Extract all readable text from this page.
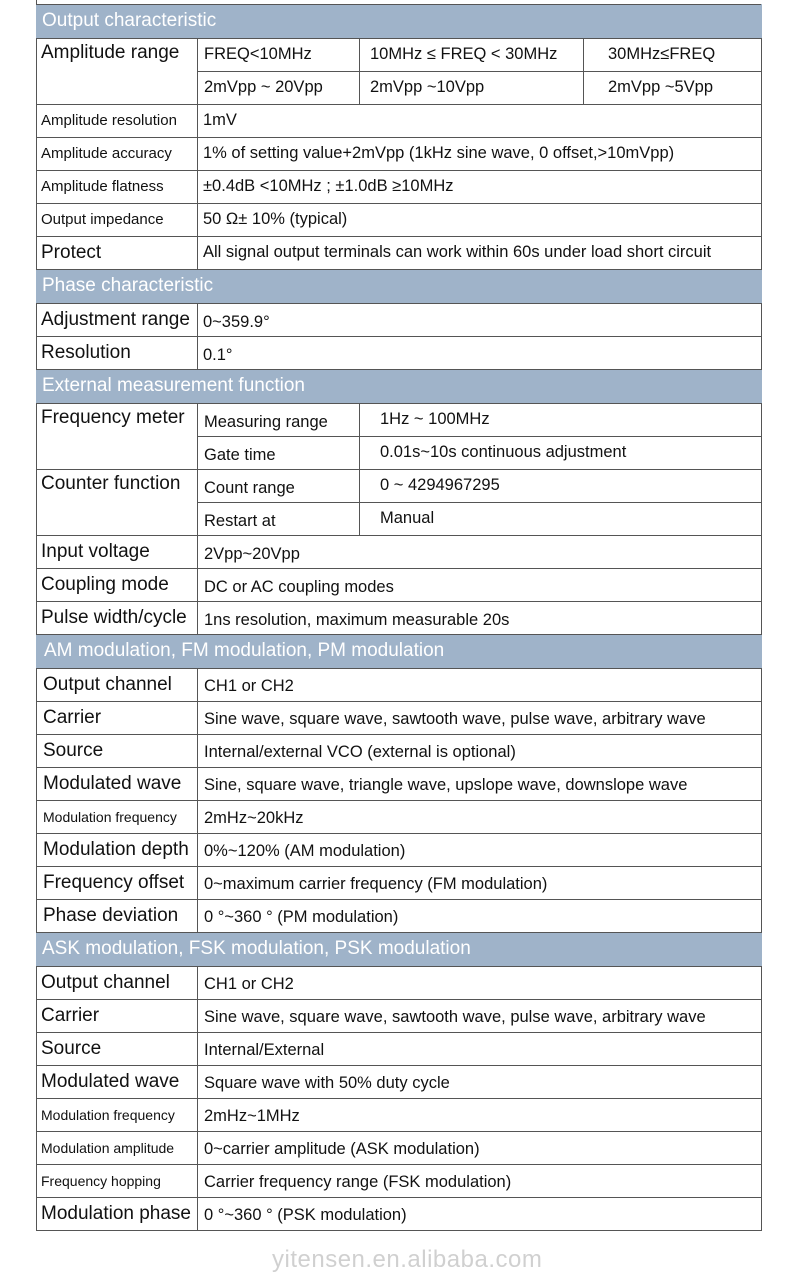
Output characteristic			
Amplitude range	FREQ<10MHz	10MHz ≤ FREQ < 30MHz	30MHz≤FREQ
	2mVpp ~ 20Vpp	2mVpp ~10Vpp	2mVpp ~5Vpp
Amplitude resolution	1mV		
Amplitude accuracy	1% of setting value+2mVpp (1kHz sine wave, 0 offset,>10mVpp)		
Amplitude flatness	±0.4dB <10MHz ; ±1.0dB ≥10MHz		
Output impedance	50 Ω± 10% (typical)		
Protect	All signal output terminals can work within 60s under load short circuit		
Phase characteristic			
Adjustment range	0~359.9°		
Resolution	0.1°		
External measurement function			
Frequency meter	Measuring range	1Hz ~ 100MHz	
	Gate time	0.01s~10s continuous adjustment	
Counter function	Count range	0 ~ 4294967295	
	Restart at	Manual	
Input voltage	2Vpp~20Vpp		
Coupling mode	DC or AC coupling modes		
Pulse width/cycle	1ns resolution, maximum measurable 20s		
AM modulation, FM modulation, PM modulation			
Output channel	CH1 or CH2		
Carrier	Sine wave, square wave, sawtooth wave, pulse wave, arbitrary wave		
Source	Internal/external VCO (external is optional)		
Modulated wave	Sine, square wave, triangle wave, upslope wave, downslope wave		
Modulation frequency	2mHz~20kHz		
Modulation depth	0%~120% (AM modulation)		
Frequency offset	0~maximum carrier frequency (FM modulation)		
Phase deviation	0 °~360 ° (PM modulation)		
ASK modulation, FSK modulation, PSK modulation			
Output channel	CH1 or CH2		
Carrier	Sine wave, square wave, sawtooth wave, pulse wave, arbitrary wave		
Source	Internal/External		
Modulated wave	Square wave with 50% duty cycle		
Modulation frequency	2mHz~1MHz		
Modulation amplitude	0~carrier amplitude (ASK modulation)		
Frequency hopping	Carrier frequency range (FSK modulation)		
Modulation phase	0 °~360 ° (PSK modulation)		
yitensen.en.alibaba.com
